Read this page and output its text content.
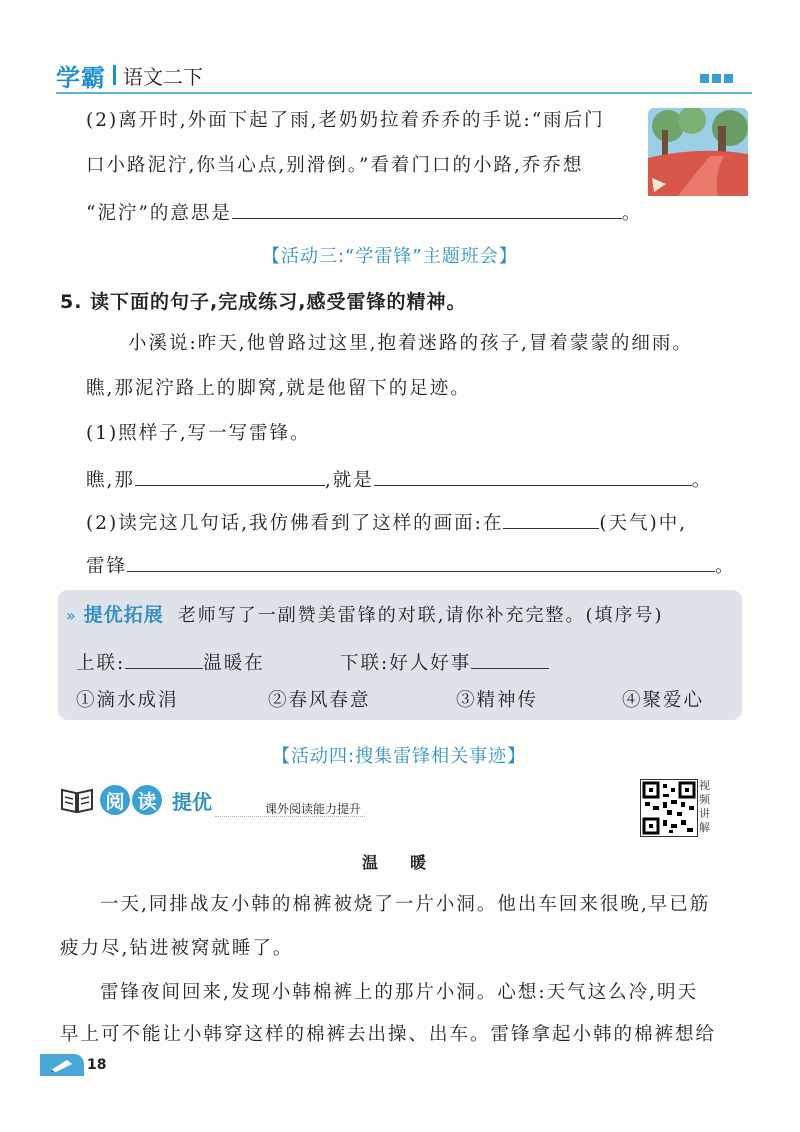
学霸 语文二下
(2)离开时,外面下起了雨,老奶奶拉着乔乔的手说:“雨后门
口小路泥泞,你当心点,别滑倒。”看着门口的小路,乔乔想
“泥泞”的意思是	。
【活动三:“学雷锋”主题班会】
5. 读下面的句子,完成练习,感受雷锋的精神。
小溪说:昨天,他曾路过这里,抱着迷路的孩子,冒着蒙蒙的细雨。
瞧,那泥泞路上的脚窝,就是他留下的足迹。
(1)照样子,写一写雷锋。
瞧,那	,就是	。
(2)读完这几句话,我仿佛看到了这样的画面:在	(天气)中,
雷锋	。
» 提优拓展 老师写了一副赞美雷锋的对联,请你补充完整。(填序号)
上联:	温暖在	下联:好人好事
①滴水成涓	②春风春意	③精神传	④聚爱心
【活动四:搜集雷锋相关事迹】
阅 读 提优	课外阅读能力提升
视频讲解
温　　暖
一天,同排战友小韩的棉裤被烧了一片小洞。他出车回来很晚,早已筋
疲力尽,钻进被窝就睡了。
雷锋夜间回来,发现小韩棉裤上的那片小洞。心想:天气这么冷,明天
早上可不能让小韩穿这样的棉裤去出操、出车。雷锋拿起小韩的棉裤想给
18
